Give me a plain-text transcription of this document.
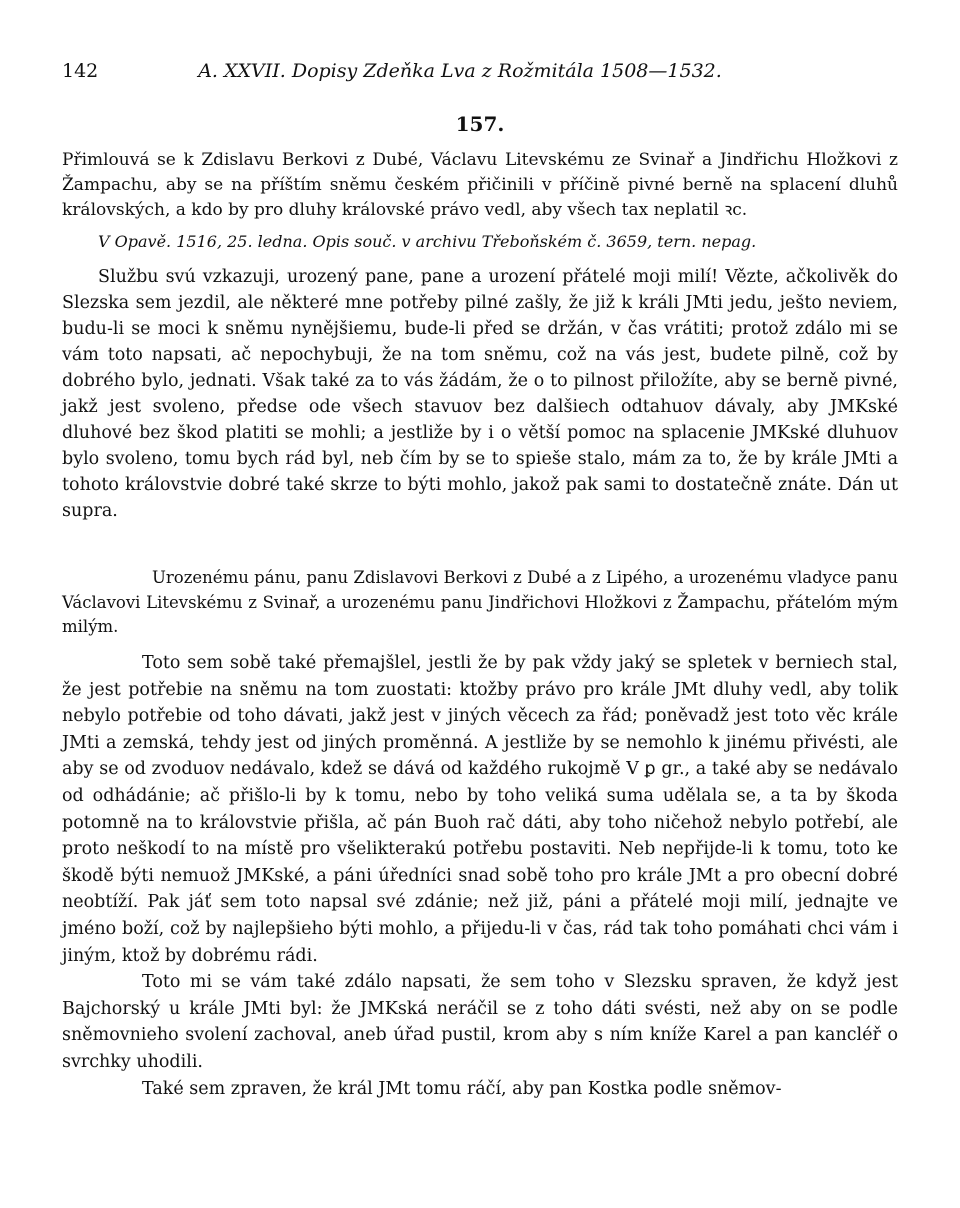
142	A. XXVII. Dopisy Zdeňka Lva z Rožmitála 1508—1532.
157.
Přimlouvá se k Zdislavu Berkovi z Dubé, Václavu Litevskému ze Svinař a Jindřichu Hložkovi z Žampachu, aby se na příštím sněmu českém přičinili v příčině pivné berně na splacení dluhů královských, a kdo by pro dluhy královské právo vedl, aby všech tax neplatil ꝛc.
V Opavě. 1516, 25. ledna. Opis souč. v archivu Třeboňském č. 3659, tern. nepag.

Službu svú vzkazuji, urozený pane, pane a urození přátelé moji milí! Vězte, ačkolivěk do Slezska sem jezdil, ale některé mne potřeby pilné zašly, že již k králi JMti jedu, ješto neviem, budu-li se moci k sněmu nynějšiemu, bude-li před se držán, v čas vrátiti; protož zdálo mi se vám toto napsati, ač nepochybuji, že na tom sněmu, což na vás jest, budete pilně, což by dobrého bylo, jednati. Však také za to vás žádám, že o to pilnost přiložíte, aby se berně pivné, jakž jest svoleno, předse ode všech stavuov bez dalšiech odtahuov dávaly, aby JMKské dluhové bez škod platiti se mohli; a jestliže by i o větší pomoc na splacenie JMKské dluhuov bylo svoleno, tomu bych rád byl, neb čím by se to spieše stalo, mám za to, že by krále JMti a tohoto královstvie dobré také skrze to býti mohlo, jakož pak sami to dostatečně znáte. Dán ut supra.

Urozenému pánu, panu Zdislavovi Berkovi z Dubé a z Lipého, a urozenému vladyce panu Václavovi Litevskému z Svinař, a urozenému panu Jindřichovi Hložkovi z Žampachu, přátelóm mým milým.

Toto sem sobě také přemajšlel, jestli že by pak vždy jaký se spletek v berniech stal, že jest potřebie na sněmu na tom zuostati: ktožby právo pro krále JMt dluhy vedl, aby tolik nebylo potřebie od toho dávati, jakž jest v jiných věcech za řád; poněvadž jest toto věc krále JMti a zemská, tehdy jest od jiných proměnná. A jestliže by se nemohlo k jinému přivésti, ale aby se od zvoduov nedávalo, kdež se dává od každého rukojmě V ꝑ gr., a také aby se nedávalo od odhádánie; ač přišlo-li by k tomu, nebo by toho veliká suma udělala se, a ta by škoda potomně na to královstvie přišla, ač pán Buoh rač dáti, aby toho ničehož nebylo potřebí, ale proto neškodí to na místě pro všelikterakú potřebu postaviti. Neb nepřijde-li k tomu, toto ke škodě býti nemuož JMKské, a páni úředníci snad sobě toho pro krále JMt a pro obecní dobré neobtíží. Pak jáť sem toto napsal své zdánie; než již, páni a přátelé moji milí, jednajte ve jméno boží, což by najlepšieho býti mohlo, a přijedu-li v čas, rád tak toho pomáhati chci vám i jiným, ktož by dobrému rádi.

Toto mi se vám také zdálo napsati, že sem toho v Slezsku spraven, že když jest Bajchorský u krále JMti byl: že JMKská neráčil se z toho dáti svésti, než aby on se podle sněmovnieho svolení zachoval, aneb úřad pustil, krom aby s ním kníže Karel a pan kancléř o svrchky uhodili.

Také sem zpraven, že král JMt tomu ráčí, aby pan Kostka podle sněmov-
